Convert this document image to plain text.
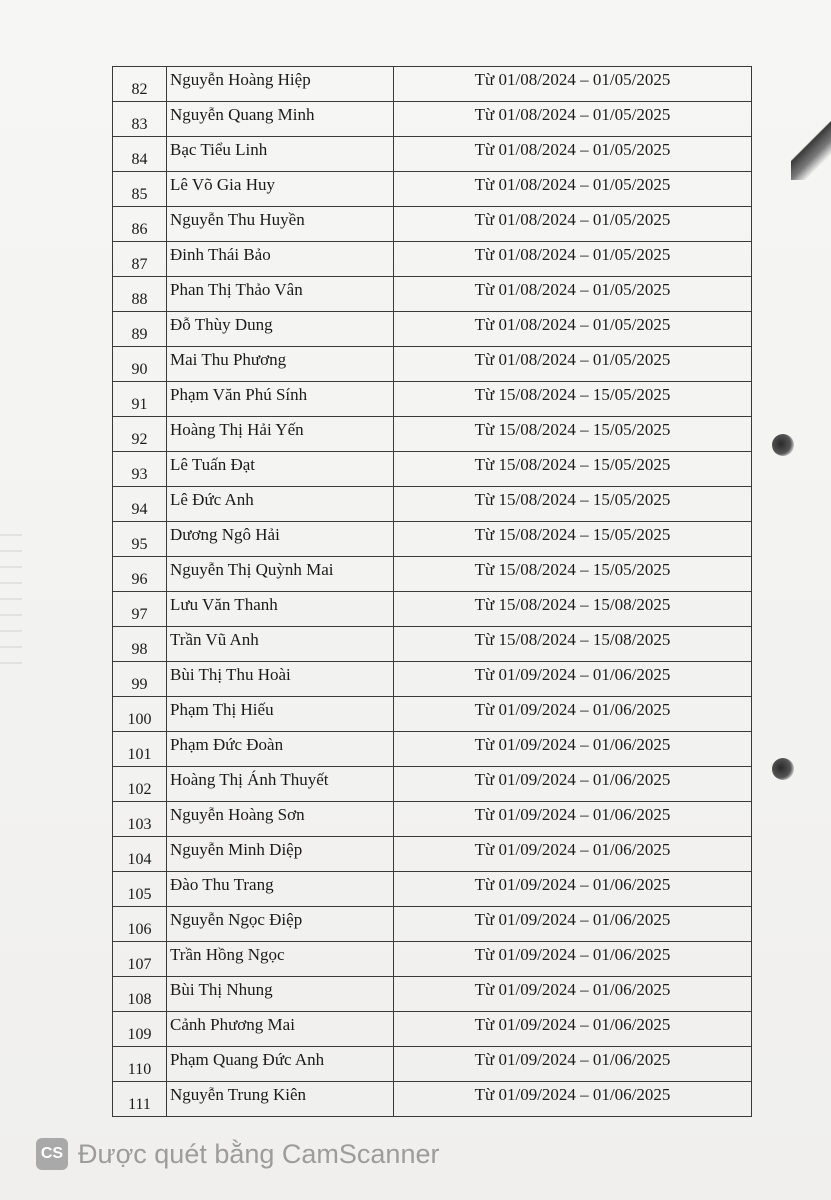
82	Nguyễn Hoàng Hiệp	Từ 01/08/2024 – 01/05/2025

83	Nguyễn Quang Minh	Từ 01/08/2024 – 01/05/2025

84	Bạc Tiểu Linh	Từ 01/08/2024 – 01/05/2025

85	Lê Võ Gia Huy	Từ 01/08/2024 – 01/05/2025

86	Nguyễn Thu Huyền	Từ 01/08/2024 – 01/05/2025

87	Đinh Thái Bảo	Từ 01/08/2024 – 01/05/2025

88	Phan Thị Thảo Vân	Từ 01/08/2024 – 01/05/2025

89	Đỗ Thùy Dung	Từ 01/08/2024 – 01/05/2025

90	Mai Thu Phương	Từ 01/08/2024 – 01/05/2025

91	Phạm Văn Phú Sính	Từ 15/08/2024 – 15/05/2025

92	Hoàng Thị Hải Yến	Từ 15/08/2024 – 15/05/2025

93	Lê Tuấn Đạt	Từ 15/08/2024 – 15/05/2025

94	Lê Đức Anh	Từ 15/08/2024 – 15/05/2025

95	Dương Ngô Hải	Từ 15/08/2024 – 15/05/2025

96	Nguyễn Thị Quỳnh Mai	Từ 15/08/2024 – 15/05/2025

97	Lưu Văn Thanh	Từ 15/08/2024 – 15/08/2025

98	Trần Vũ Anh	Từ 15/08/2024 – 15/08/2025

99	Bùi Thị Thu Hoài	Từ 01/09/2024 – 01/06/2025

100	Phạm Thị Hiếu	Từ 01/09/2024 – 01/06/2025

101	Phạm Đức Đoàn	Từ 01/09/2024 – 01/06/2025

102	Hoàng Thị Ánh Thuyết	Từ 01/09/2024 – 01/06/2025

103	Nguyễn Hoàng Sơn	Từ 01/09/2024 – 01/06/2025

104	Nguyễn Minh Diệp	Từ 01/09/2024 – 01/06/2025

105	Đào Thu Trang	Từ 01/09/2024 – 01/06/2025

106	Nguyễn Ngọc Điệp	Từ 01/09/2024 – 01/06/2025

107	Trần Hồng Ngọc	Từ 01/09/2024 – 01/06/2025

108	Bùi Thị Nhung	Từ 01/09/2024 – 01/06/2025

109	Cảnh Phương Mai	Từ 01/09/2024 – 01/06/2025

110	Phạm Quang Đức Anh	Từ 01/09/2024 – 01/06/2025

111	Nguyễn Trung Kiên	Từ 01/09/2024 – 01/06/2025
CS Được quét bằng CamScanner
